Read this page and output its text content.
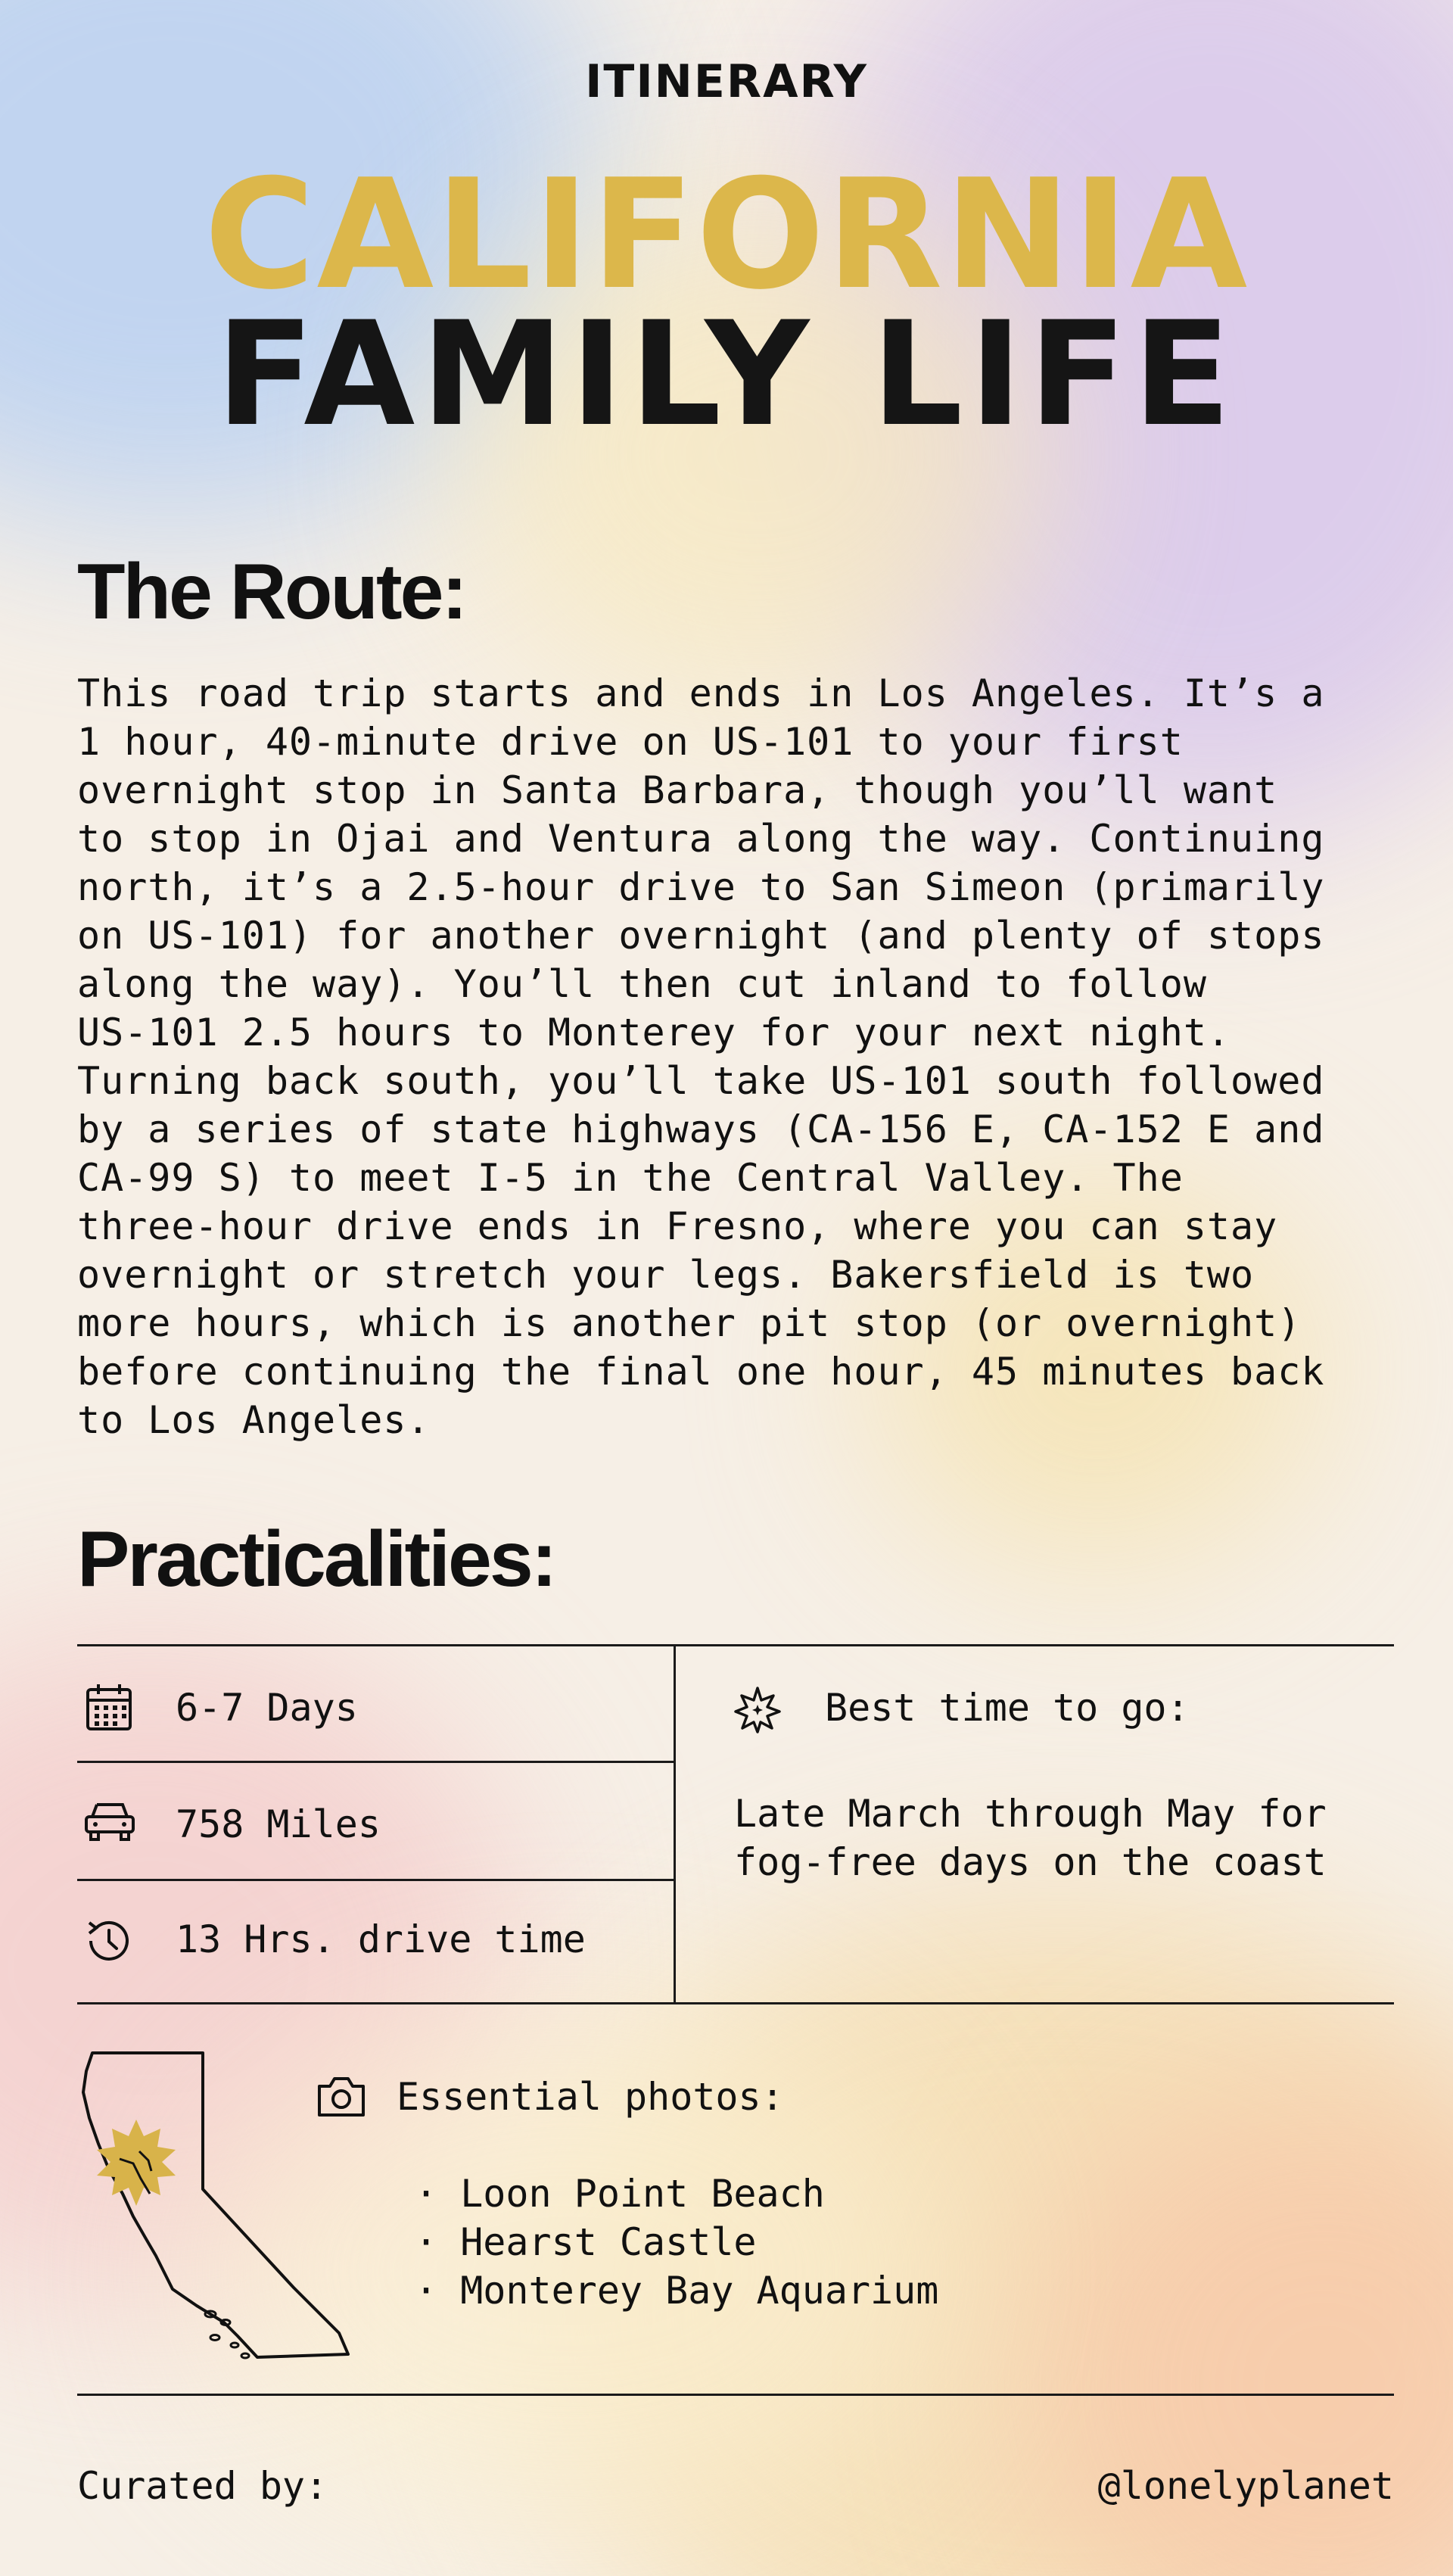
ITINERARY
CALIFORNIA
FAMILY LIFE
The Route:
This road trip starts and ends in Los Angeles. It’s a
1 hour, 40-minute drive on US-101 to your first
overnight stop in Santa Barbara, though you’ll want
to stop in Ojai and Ventura along the way. Continuing
north, it’s a 2.5-hour drive to San Simeon (primarily
on US-101) for another overnight (and plenty of stops
along the way). You’ll then cut inland to follow
US-101 2.5 hours to Monterey for your next night.
Turning back south, you’ll take US-101 south followed
by a series of state highways (CA-156 E, CA-152 E and
CA-99 S) to meet I-5 in the Central Valley. The
three-hour drive ends in Fresno, where you can stay
overnight or stretch your legs. Bakersfield is two
more hours, which is another pit stop (or overnight)
before continuing the final one hour, 45 minutes back
to Los Angeles.
Practicalities:
6-7 Days
758 Miles
13 Hrs. drive time
Best time to go:
Late March through May for
fog-free days on the coast
Essential photos:
· Loon Point Beach
· Hearst Castle
· Monterey Bay Aquarium
Curated by:	@lonelyplanet
